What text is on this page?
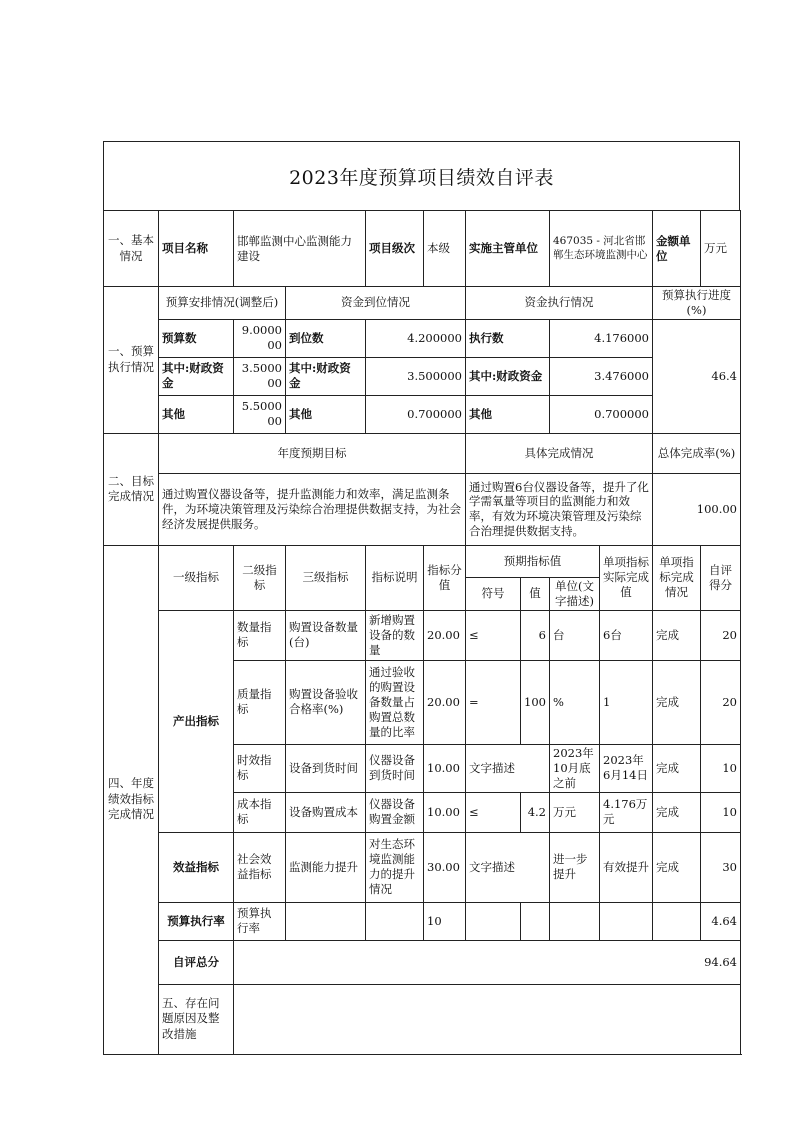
2023年度预算项目绩效自评表
一、基本情况	项目名称	邯郸监测中心监测能力建设		项目级次	本级	实施主管单位		467035 - 河北省邯郸生态环境监测中心		金额单位	万元
一、预算执行情况	预算安排情况(调整后)		资金到位情况			资金执行情况				预算执行进度(%)	
	预算数	9.000000	到位数	4.200000		执行数		4.176000		46.4	
	其中:财政资金	3.500000	其中:财政资金	3.500000		其中:财政资金		3.476000			
	其他	5.500000	其他	0.700000		其他		0.700000			
二、目标完成情况	年度预期目标					具体完成情况				总体完成率(%)	
	通过购置仪器设备等，提升监测能力和效率，满足监测条件，为环境决策管理及污染综合治理提供数据支持，为社会经济发展提供服务。					通过购置6台仪器设备等，提升了化学需氧量等项目的监测能力和效率，有效为环境决策管理及污染综合治理提供数据支持。				100.00	
四、年度绩效指标完成情况	一级指标	二级指标	三级指标	指标说明	指标分值	预期指标值			单项指标实际完成值	单项指标完成情况	自评得分
						符号	值	单位(文字描述)			
	产出指标	数量指标	购置设备数量(台)	新增购置设备的数量	20.00	≤	6	台	6台	完成	20
		质量指标	购置设备验收合格率(%)	通过验收的购置设备数量占购置总数量的比率	20.00	=	100	%	1	完成	20
		时效指标	设备到货时间	仪器设备到货时间	10.00	文字描述		2023年10月底之前	2023年6月14日	完成	10
		成本指标	设备购置成本	仪器设备购置金额	10.00	≤	4.2	万元	4.176万元	完成	10
	效益指标	社会效益指标	监测能力提升	对生态环境监测能力的提升情况	30.00	文字描述		进一步提升	有效提升	完成	30
	预算执行率	预算执行率			10						4.64
	自评总分	94.64									
	五、存在问题原因及整改措施										
